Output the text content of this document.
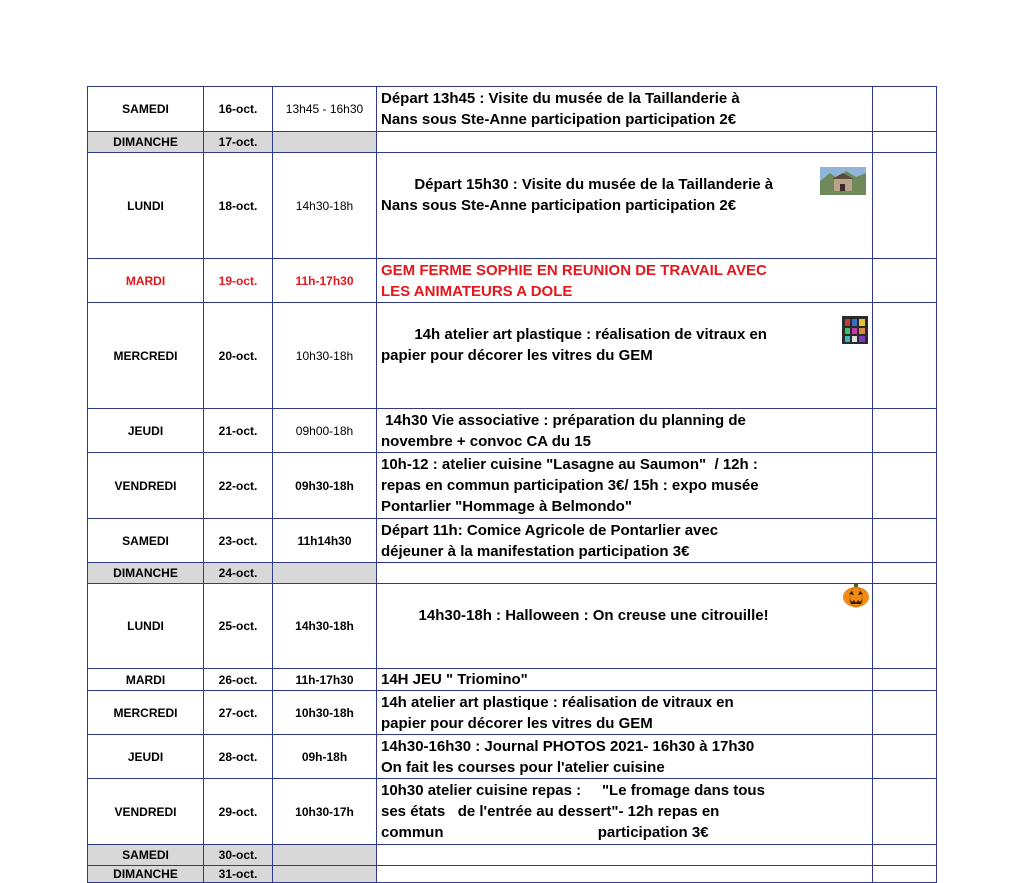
SAMEDI	16-oct.	13h45 - 16h30	Départ 13h45 : Visite du musée de la Taillanderie à
Nans sous Ste-Anne participation participation 2€	
DIMANCHE	17-oct.			
LUNDI	18-oct.	14h30-18h	Départ 15h30 : Visite du musée de la Taillanderie à
Nans sous Ste-Anne participation participation 2€

MARDI	19-oct.	11h-17h30	GEM FERME SOPHIE EN REUNION DE TRAVAIL AVEC
LES ANIMATEURS A DOLE	
MERCREDI	20-oct.	10h30-18h	14h atelier art plastique : réalisation de vitraux en
papier pour décorer les vitres du GEM

JEUDI	21-oct.	09h00-18h	14h30 Vie associative : préparation du planning de
novembre + convoc CA du 15	
VENDREDI	22-oct.	09h30-18h	10h-12 : atelier cuisine "Lasagne au Saumon"  / 12h :
repas en commun participation 3€/ 15h : expo musée
Pontarlier "Hommage à Belmondo"	
SAMEDI	23-oct.	11h14h30	Départ 11h: Comice Agricole de Pontarlier avec
déjeuner à la manifestation participation 3€	
DIMANCHE	24-oct.			
LUNDI	25-oct.	14h30-18h	14h30-18h : Halloween : On creuse une citrouille!

MARDI	26-oct.	11h-17h30	14H JEU " Triomino"	
MERCREDI	27-oct.	10h30-18h	14h atelier art plastique : réalisation de vitraux en
papier pour décorer les vitres du GEM	
JEUDI	28-oct.	09h-18h	14h30-16h30 : Journal PHOTOS 2021- 16h30 à 17h30
On fait les courses pour l'atelier cuisine	
VENDREDI	29-oct.	10h30-17h	10h30 atelier cuisine repas :     "Le fromage dans tous
ses états   de l'entrée au dessert"- 12h repas en
commun                                     participation 3€	
SAMEDI	30-oct.			
DIMANCHE	31-oct.			
